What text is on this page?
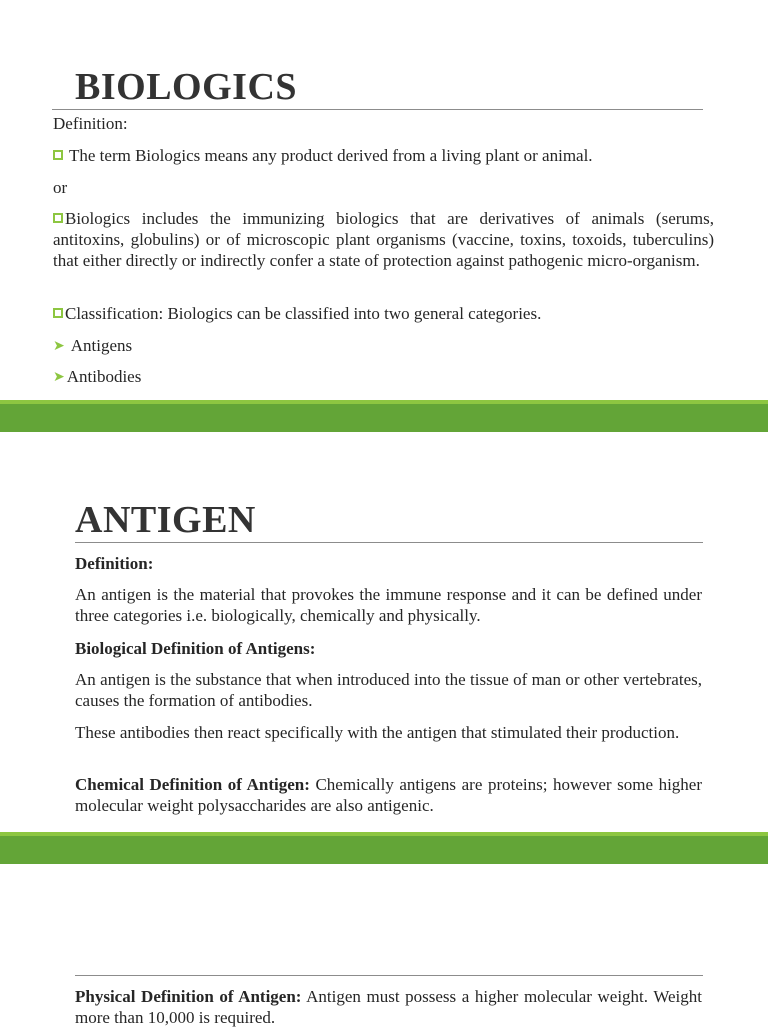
BIOLOGICS

Definition:

The term Biologics means any product derived from a living plant or animal.

or

Biologics includes the immunizing biologics that are derivatives of animals (serums, antitoxins, globulins) or of microscopic plant organisms (vaccine, toxins, toxoids, tuberculins) that either directly or indirectly confer a state of protection against pathogenic micro-organism.

Classification: Biologics can be classified into two general categories.

➤ Antigens

➤ Antibodies

ANTIGEN

Definition:

An antigen is the material that provokes the immune response and it can be defined under three categories i.e. biologically, chemically and physically.

Biological Definition of Antigens:

An antigen is the substance that when introduced into the tissue of man or other vertebrates, causes the formation of antibodies.

These antibodies then react specifically with the antigen that stimulated their production.

Chemical Definition of Antigen: Chemically antigens are proteins; however some higher molecular weight polysaccharides are also antigenic.

Physical Definition of Antigen: Antigen must possess a higher molecular weight. Weight more than 10,000 is required.
